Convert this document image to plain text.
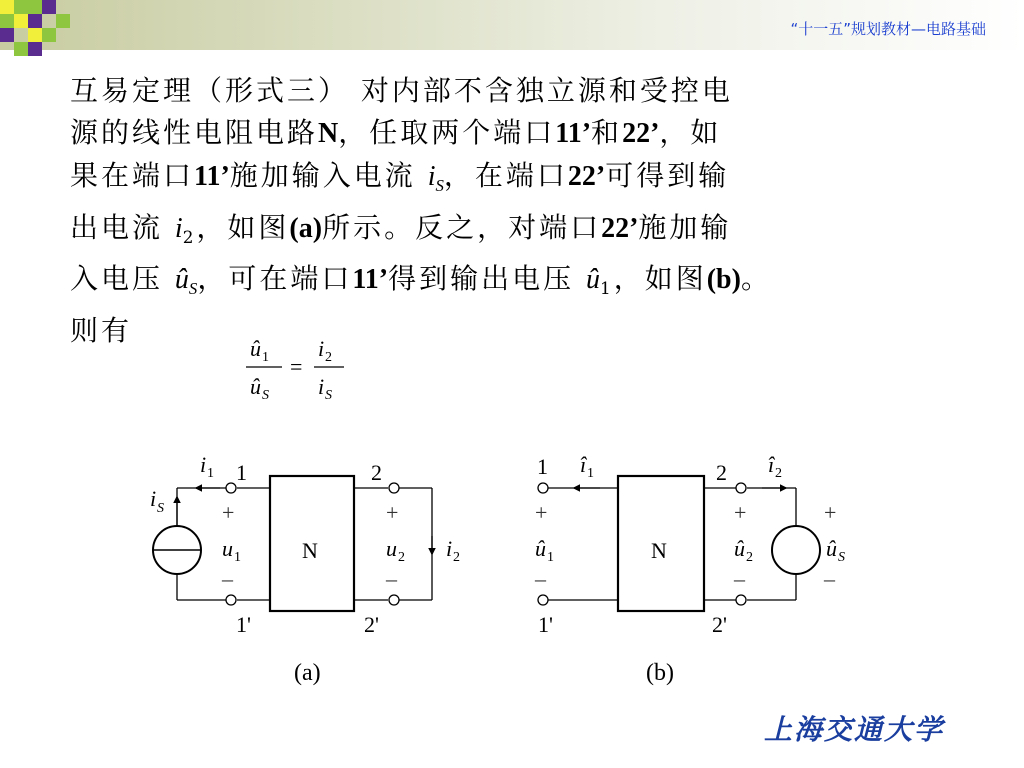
“十一五”规划教材—电路基础
互易定理（形式三） 对内部不含独立源和受控电
源的线性电阻电路N，任取两个端口11’和22’，如
果在端口11’施加输入电流 $i_S$，在端口22’可得到输
出电流 $i_2$，如图(a)所示。反之，对端口22’施加输
入电压 $û_S$，可在端口11’得到输出电压 $û_1$，如图(b)。
则有
û 1
û S
=
i 2
i S
1	2
1'	2'
N
+
–
+
–
i 1
i S
u 1	u 2 i 2
(a)
1	2
1'	2'
N
+
–
+
–
+
–
î 1	î 2
û 1	û 2	û S
(b)
上海交通大学
